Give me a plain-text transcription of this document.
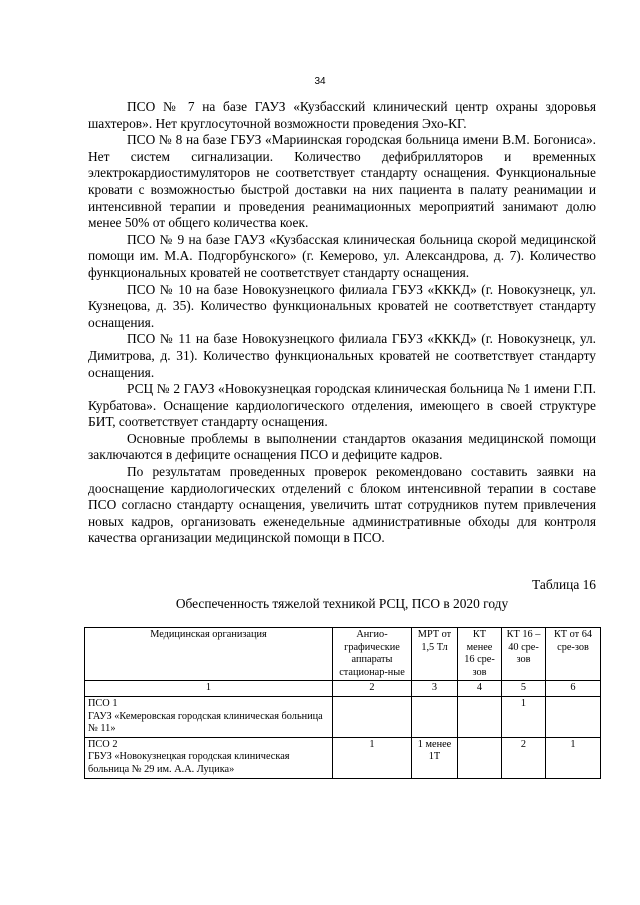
34

ПСО № 7 на базе ГАУЗ «Кузбасский клинический центр охраны здоровья шахтеров». Нет круглосуточной возможности проведения Эхо-КГ.

ПСО № 8 на базе ГБУЗ «Мариинская городская больница имени В.М. Богониса». Нет систем сигнализации. Количество дефибрилляторов и временных электрокардиостимуляторов не соответствует стандарту оснащения. Функциональные кровати с возможностью быстрой доставки на них пациента в палату реанимации и интенсивной терапии и проведения реанимационных мероприятий занимают долю менее 50% от общего количества коек.

ПСО № 9 на базе ГАУЗ «Кузбасская клиническая больница скорой медицинской помощи им. М.А. Подгорбунского» (г. Кемерово, ул. Александрова, д. 7). Количество функциональных кроватей не соответствует стандарту оснащения.

ПСО № 10 на базе Новокузнецкого филиала ГБУЗ «КККД» (г. Новокузнецк, ул. Кузнецова, д. 35). Количество функциональных кроватей не соответствует стандарту оснащения.

ПСО № 11 на базе Новокузнецкого филиала ГБУЗ «КККД» (г. Новокузнецк, ул. Димитрова, д. 31). Количество функциональных кроватей не соответствует стандарту оснащения.

РСЦ № 2 ГАУЗ «Новокузнецкая городская клиническая больница № 1 имени Г.П. Курбатова». Оснащение кардиологического отделения, имеющего в своей структуре БИТ, соответствует стандарту оснащения.

Основные проблемы в выполнении стандартов оказания медицинской помощи заключаются в дефиците оснащения ПСО и дефиците кадров.

По результатам проведенных проверок рекомендовано составить заявки на дооснащение кардиологических отделений с блоком интенсивной терапии в составе ПСО согласно стандарту оснащения, увеличить штат сотрудников путем привлечения новых кадров, организовать еженедельные административные обходы для контроля качества организации медицинской помощи в ПСО.

Таблица 16
Обеспеченность тяжелой техникой РСЦ, ПСО в 2020 году
Медицинская организация	Ангио-графические аппараты стационар-ные	МРТ от 1,5 Тл	КТ менее 16 сре-зов	КТ 16 – 40 сре-зов	КТ от 64 сре-зов
1	2	3	4	5	6

ПСО 1
ГАУЗ «Кемеровская городская клиническая больница № 11»				1	

ПСО 2
ГБУЗ «Новокузнецкая городская клиническая больница № 29 им. А.А. Луцика»	1	1 менее 1Т		2	1
